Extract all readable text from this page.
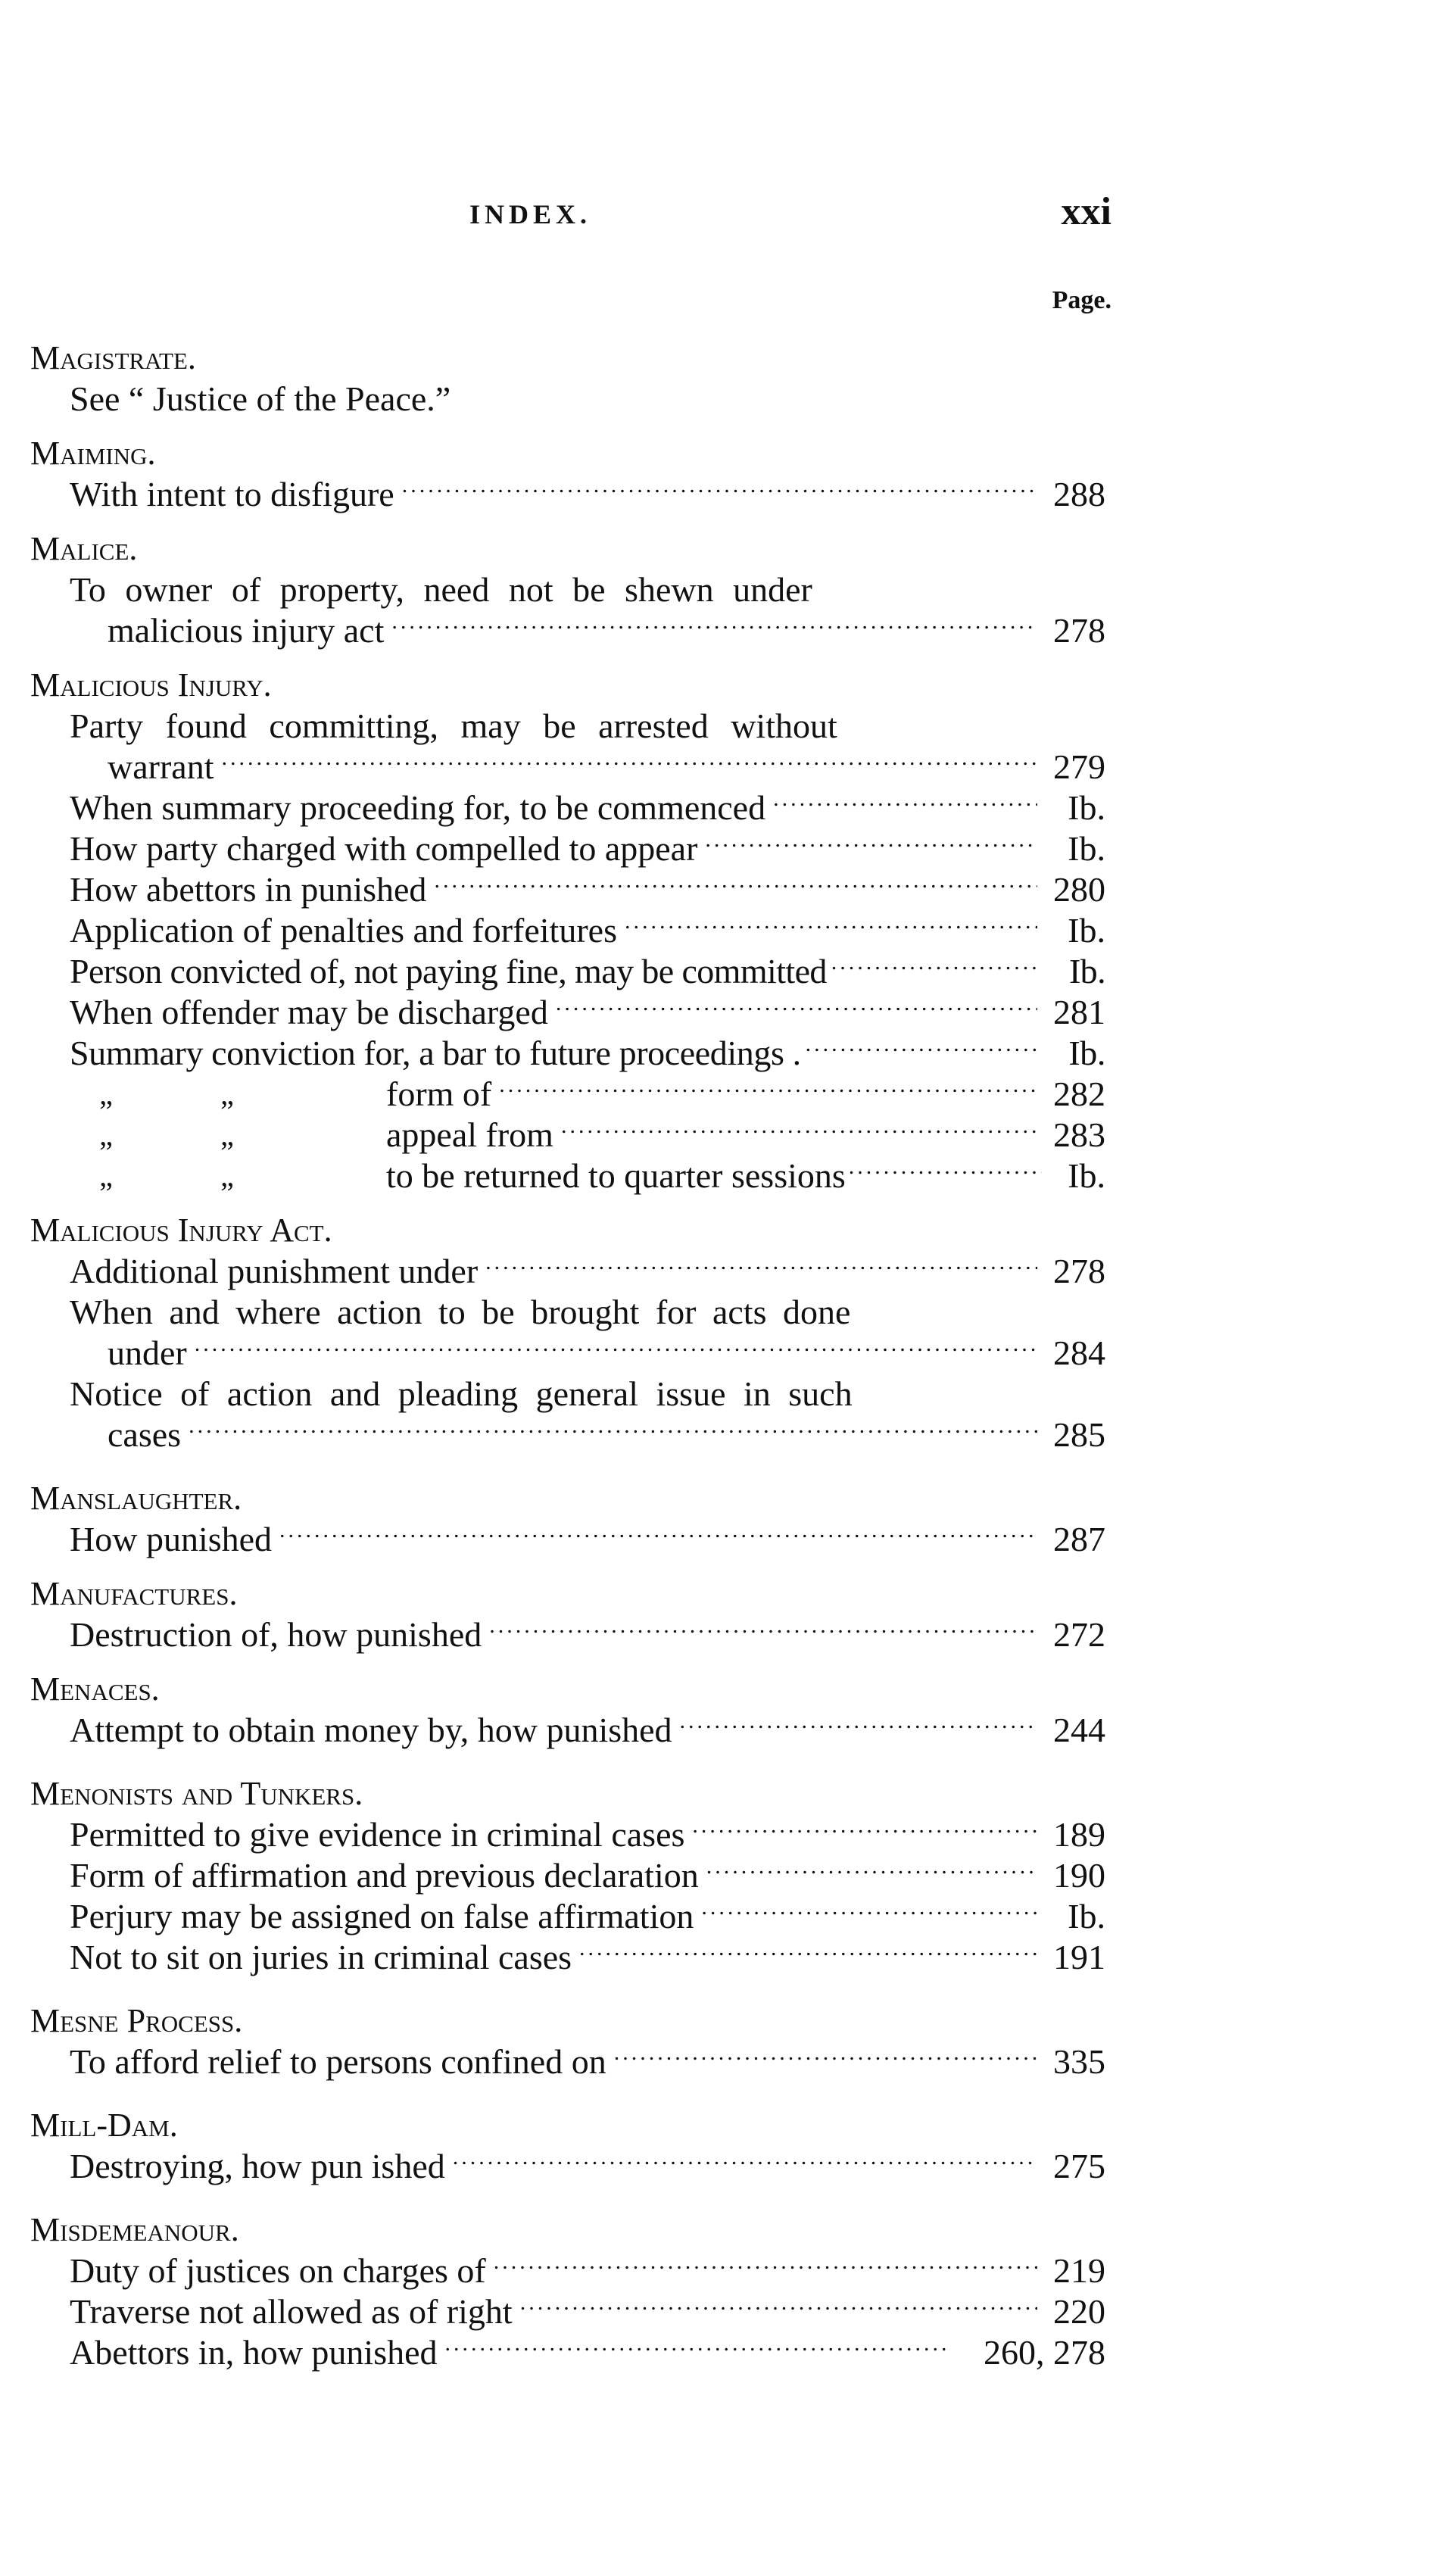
INDEX.	xxi
Page.
Magistrate.
See “ Justice of the Peace.”
Maiming.
With intent to disfigure .....	288
Malice.
To owner of property, need not be shewn under
malicious injury act .....	278
Malicious Injury.
Party found committing, may be arrested without
warrant .....	279
When summary proceeding for, to be commenced .....	Ib.
How party charged with compelled to appear .....	Ib.
How abettors in punished .....	280
Application of penalties and forfeitures .....	Ib.
Person convicted of, not paying fine, may be committed .....	Ib.
When offender may be discharged .....	281
Summary conviction for, a bar to future proceedings . .....	Ib.
„	„	form of .....	282
„	„	appeal from .....	283
„	„	to be returned to quarter sessions .....	Ib.
Malicious Injury Act.
Additional punishment under .....	278
When and where action to be brought for acts done
under .....	284
Notice of action and pleading general issue in such
cases .....	285
Manslaughter.
How punished .....	287
Manufactures.
Destruction of, how punished .....	272
Menaces.
Attempt to obtain money by, how punished .....	244
Menonists and Tunkers.
Permitted to give evidence in criminal cases .....	189
Form of affirmation and previous declaration .....	190
Perjury may be assigned on false affirmation .....	Ib.
Not to sit on juries in criminal cases .....	191
Mesne Process.
To afford relief to persons confined on .....	335
Mill-Dam.
Destroying, how pun ished .....	275
Misdemeanour.
Duty of justices on charges of .....	219
Traverse not allowed as of right .....	220
Abettors in, how punished .....	260, 278
